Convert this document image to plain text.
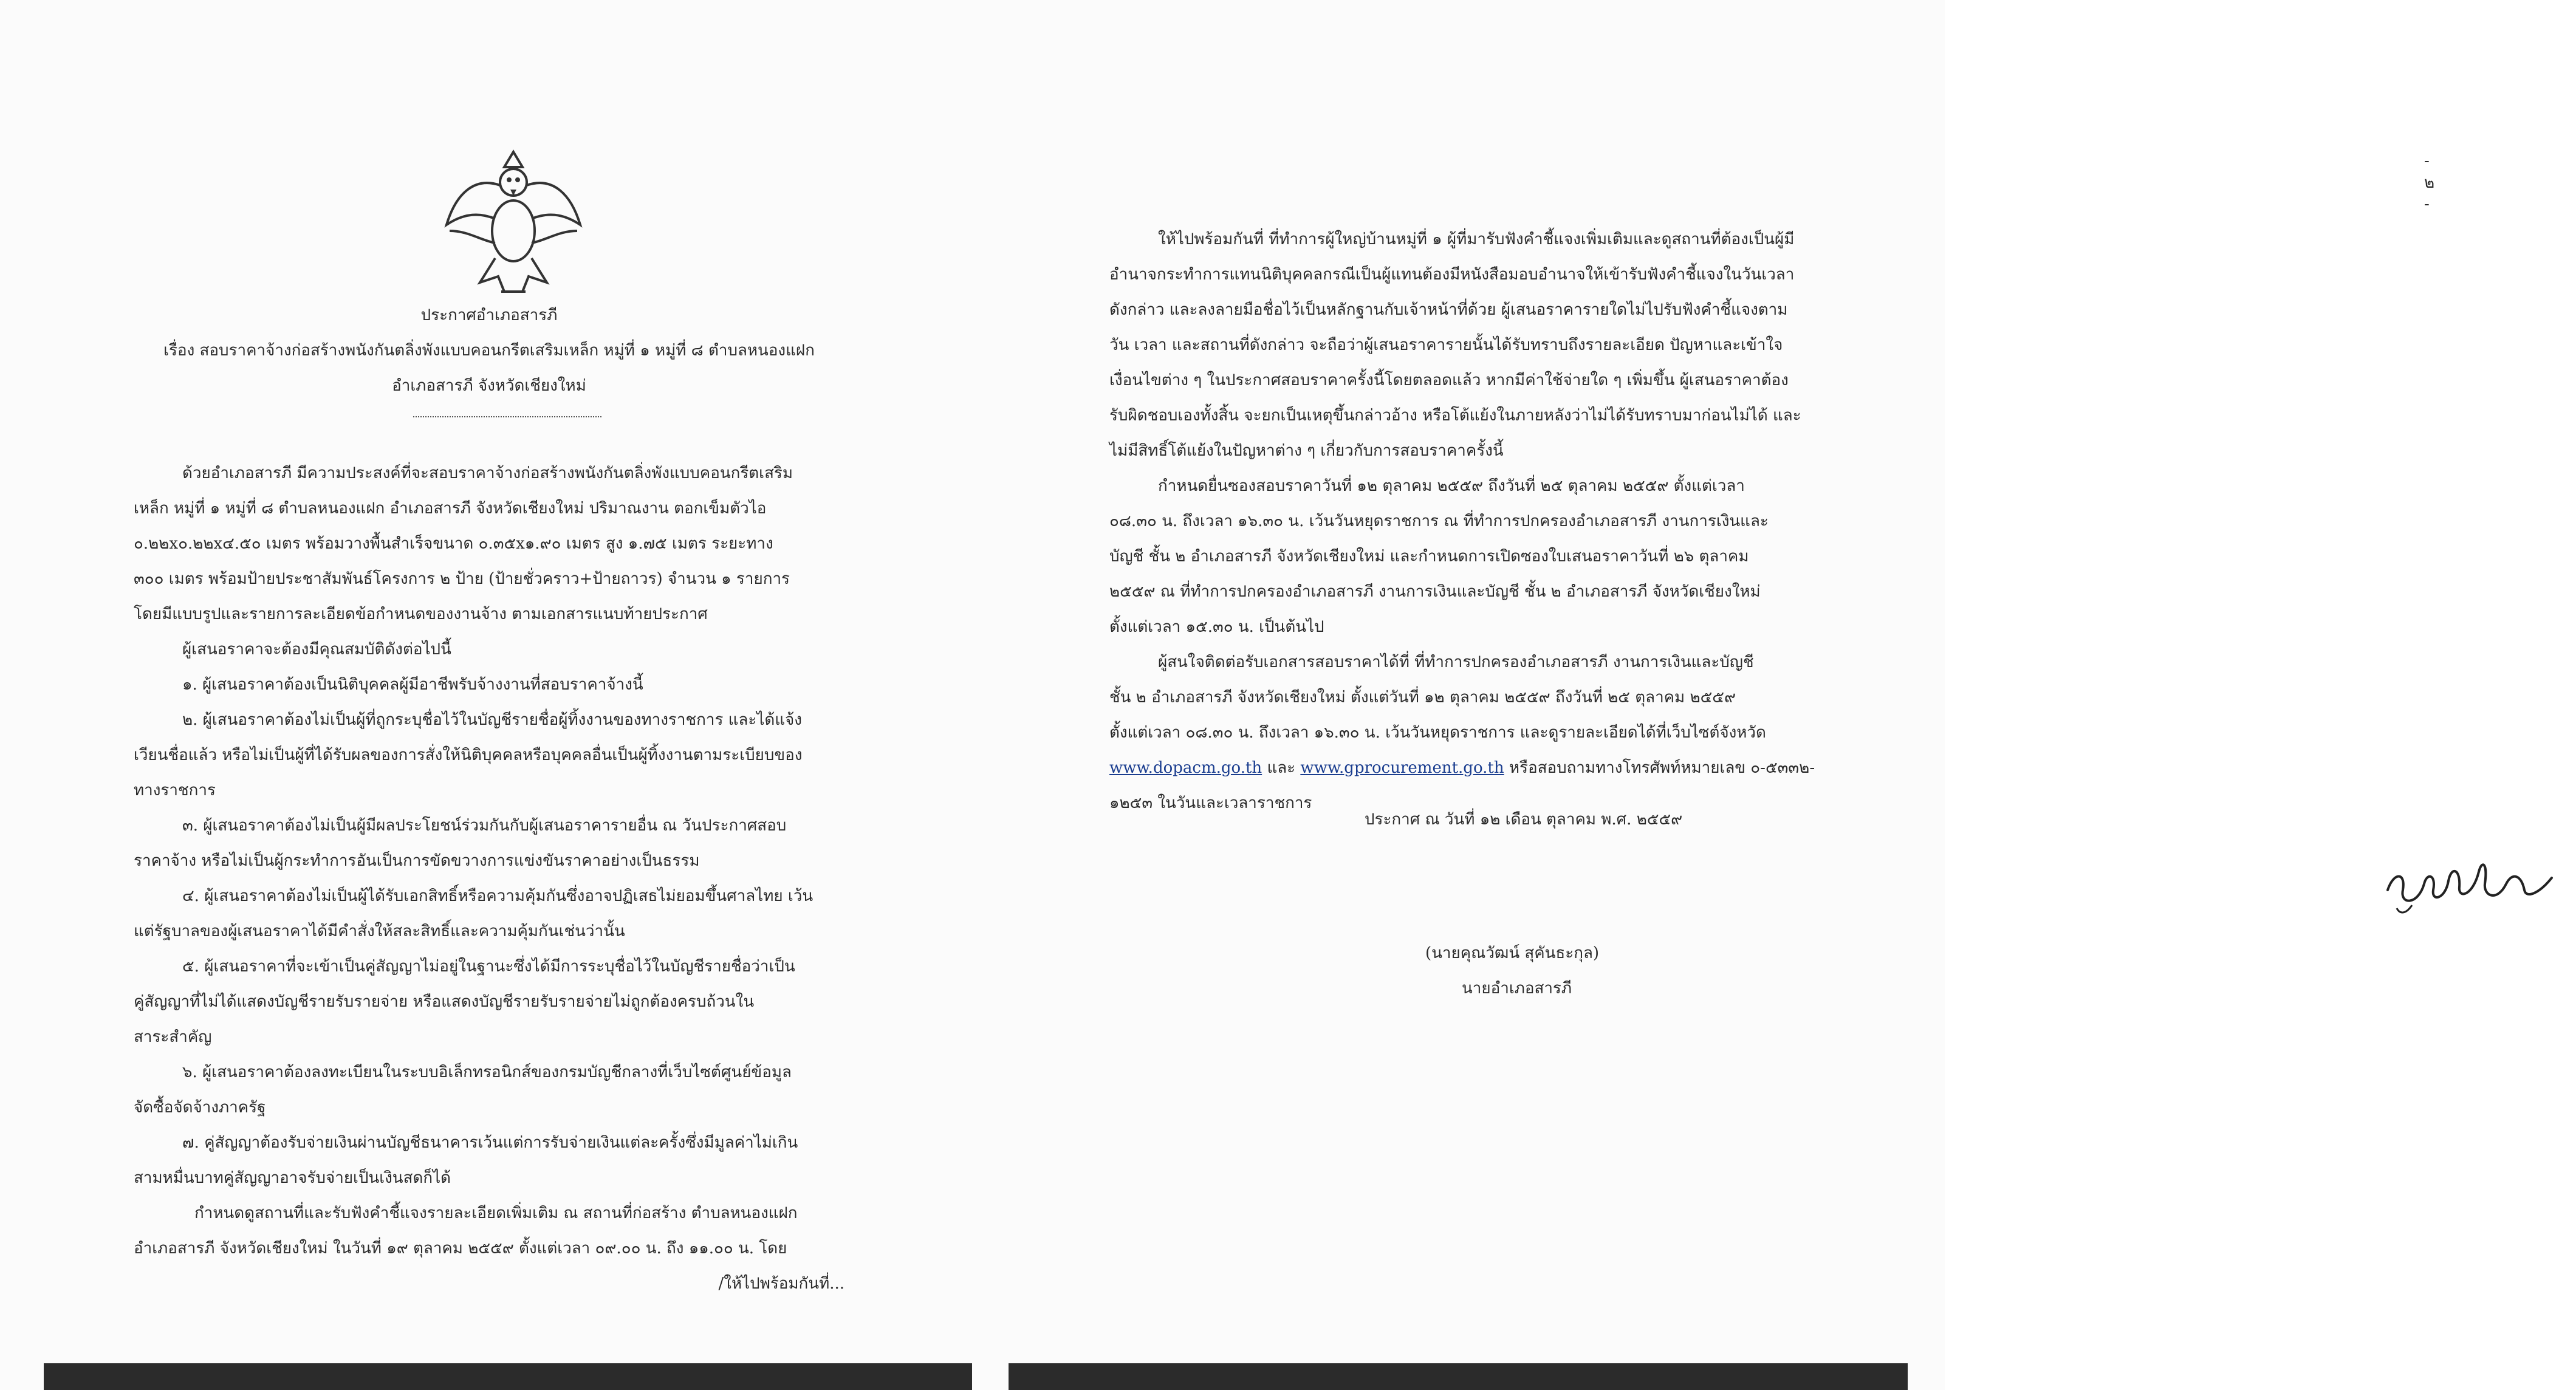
ประกาศอำเภอสารภี
เรื่อง สอบราคาจ้างก่อสร้างพนังกันตลิ่งพังแบบคอนกรีตเสริมเหล็ก หมู่ที่ ๑ หมู่ที่ ๘ ตำบลหนองแฝก
อำเภอสารภี จังหวัดเชียงใหม่
ด้วยอำเภอสารภี มีความประสงค์ที่จะสอบราคาจ้างก่อสร้างพนังกันตลิ่งพังแบบคอนกรีตเสริม
เหล็ก หมู่ที่ ๑ หมู่ที่ ๘ ตำบลหนองแฝก อำเภอสารภี จังหวัดเชียงใหม่ ปริมาณงาน ตอกเข็มตัวไอ
๐.๒๒x๐.๒๒x๔.๕๐ เมตร พร้อมวางพื้นสำเร็จขนาด ๐.๓๕x๑.๙๐ เมตร สูง ๑.๗๕ เมตร ระยะทาง
๓๐๐ เมตร พร้อมป้ายประชาสัมพันธ์โครงการ ๒ ป้าย (ป้ายชั่วคราว+ป้ายถาวร) จำนวน ๑ รายการ
โดยมีแบบรูปและรายการละเอียดข้อกำหนดของงานจ้าง ตามเอกสารแนบท้ายประกาศ
ผู้เสนอราคาจะต้องมีคุณสมบัติดังต่อไปนี้
๑. ผู้เสนอราคาต้องเป็นนิติบุคคลผู้มีอาชีพรับจ้างงานที่สอบราคาจ้างนี้
๒. ผู้เสนอราคาต้องไม่เป็นผู้ที่ถูกระบุชื่อไว้ในบัญชีรายชื่อผู้ทิ้งงานของทางราชการ และได้แจ้ง
เวียนชื่อแล้ว หรือไม่เป็นผู้ที่ได้รับผลของการสั่งให้นิติบุคคลหรือบุคคลอื่นเป็นผู้ทิ้งงานตามระเบียบของ
ทางราชการ
๓. ผู้เสนอราคาต้องไม่เป็นผู้มีผลประโยชน์ร่วมกันกับผู้เสนอราคารายอื่น ณ วันประกาศสอบ
ราคาจ้าง หรือไม่เป็นผู้กระทำการอันเป็นการขัดขวางการแข่งขันราคาอย่างเป็นธรรม
๔. ผู้เสนอราคาต้องไม่เป็นผู้ได้รับเอกสิทธิ์หรือความคุ้มกันซึ่งอาจปฏิเสธไม่ยอมขึ้นศาลไทย เว้น
แต่รัฐบาลของผู้เสนอราคาได้มีคำสั่งให้สละสิทธิ์และความคุ้มกันเช่นว่านั้น
๕. ผู้เสนอราคาที่จะเข้าเป็นคู่สัญญาไม่อยู่ในฐานะซึ่งได้มีการระบุชื่อไว้ในบัญชีรายชื่อว่าเป็น
คู่สัญญาที่ไม่ได้แสดงบัญชีรายรับรายจ่าย หรือแสดงบัญชีรายรับรายจ่ายไม่ถูกต้องครบถ้วนใน
สาระสำคัญ
๖. ผู้เสนอราคาต้องลงทะเบียนในระบบอิเล็กทรอนิกส์ของกรมบัญชีกลางที่เว็บไซต์ศูนย์ข้อมูล
จัดซื้อจัดจ้างภาครัฐ
๗. คู่สัญญาต้องรับจ่ายเงินผ่านบัญชีธนาคารเว้นแต่การรับจ่ายเงินแต่ละครั้งซึ่งมีมูลค่าไม่เกิน
สามหมื่นบาทคู่สัญญาอาจรับจ่ายเป็นเงินสดก็ได้
กำหนดดูสถานที่และรับฟังคำชี้แจงรายละเอียดเพิ่มเติม ณ สถานที่ก่อสร้าง ตำบลหนองแฝก
อำเภอสารภี จังหวัดเชียงใหม่ ในวันที่ ๑๙ ตุลาคม ๒๕๕๙ ตั้งแต่เวลา ๐๙.๐๐ น. ถึง ๑๑.๐๐ น. โดย
/ให้ไปพร้อมกันที่...
- ๒ -
ให้ไปพร้อมกันที่ ที่ทำการผู้ใหญ่บ้านหมู่ที่ ๑ ผู้ที่มารับฟังคำชี้แจงเพิ่มเติมและดูสถานที่ต้องเป็นผู้มี
อำนาจกระทำการแทนนิติบุคคลกรณีเป็นผู้แทนต้องมีหนังสือมอบอำนาจให้เข้ารับฟังคำชี้แจงในวันเวลา
ดังกล่าว และลงลายมือชื่อไว้เป็นหลักฐานกับเจ้าหน้าที่ด้วย ผู้เสนอราคารายใดไม่ไปรับฟังคำชี้แจงตาม
วัน เวลา และสถานที่ดังกล่าว จะถือว่าผู้เสนอราคารายนั้นได้รับทราบถึงรายละเอียด ปัญหาและเข้าใจ
เงื่อนไขต่าง ๆ ในประกาศสอบราคาครั้งนี้โดยตลอดแล้ว หากมีค่าใช้จ่ายใด ๆ เพิ่มขึ้น ผู้เสนอราคาต้อง
รับผิดชอบเองทั้งสิ้น จะยกเป็นเหตุขึ้นกล่าวอ้าง หรือโต้แย้งในภายหลังว่าไม่ได้รับทราบมาก่อนไม่ได้ และ
ไม่มีสิทธิ์โต้แย้งในปัญหาต่าง ๆ เกี่ยวกับการสอบราคาครั้งนี้
กำหนดยื่นซองสอบราคาวันที่ ๑๒ ตุลาคม ๒๕๕๙ ถึงวันที่ ๒๕ ตุลาคม ๒๕๕๙ ตั้งแต่เวลา
๐๘.๓๐ น. ถึงเวลา ๑๖.๓๐ น. เว้นวันหยุดราชการ ณ ที่ทำการปกครองอำเภอสารภี งานการเงินและ
บัญชี ชั้น ๒ อำเภอสารภี จังหวัดเชียงใหม่ และกำหนดการเปิดซองใบเสนอราคาวันที่ ๒๖ ตุลาคม
๒๕๕๙ ณ ที่ทำการปกครองอำเภอสารภี งานการเงินและบัญชี ชั้น ๒ อำเภอสารภี จังหวัดเชียงใหม่
ตั้งแต่เวลา ๑๕.๓๐ น. เป็นต้นไป
ผู้สนใจติดต่อรับเอกสารสอบราคาได้ที่ ที่ทำการปกครองอำเภอสารภี งานการเงินและบัญชี
ชั้น ๒ อำเภอสารภี จังหวัดเชียงใหม่ ตั้งแต่วันที่ ๑๒ ตุลาคม ๒๕๕๙ ถึงวันที่ ๒๕ ตุลาคม ๒๕๕๙
ตั้งแต่เวลา ๐๘.๓๐ น. ถึงเวลา ๑๖.๓๐ น. เว้นวันหยุดราชการ และดูรายละเอียดได้ที่เว็บไซต์จังหวัด
www.dopacm.go.th และ www.gprocurement.go.th หรือสอบถามทางโทรศัพท์หมายเลข ๐-๕๓๓๒-
๑๒๕๓ ในวันและเวลาราชการ
ประกาศ ณ วันที่ ๑๒ เดือน ตุลาคม พ.ศ. ๒๕๕๙
(นายคุณวัฒน์ สุคันธะกุล)
นายอำเภอสารภี
